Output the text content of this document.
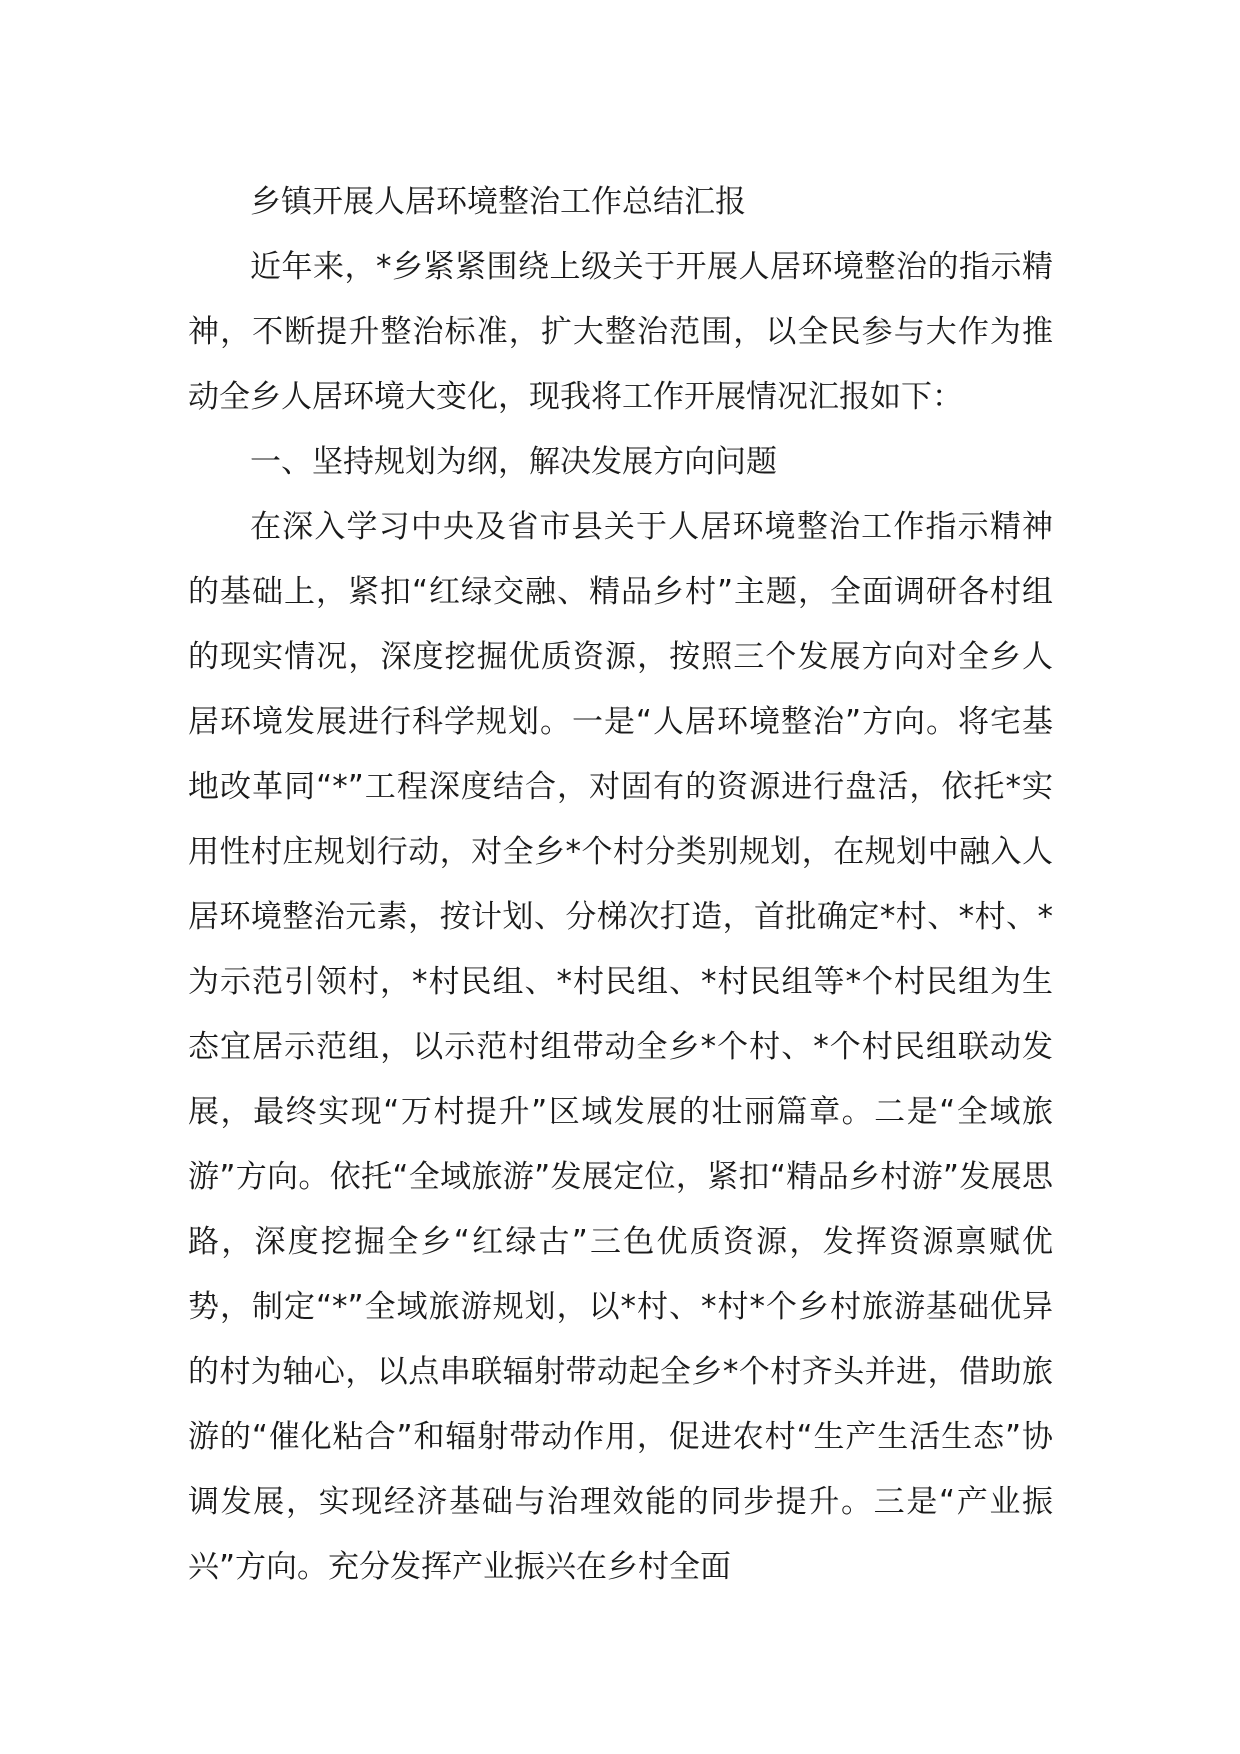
乡镇开展人居环境整治工作总结汇报

近年来，*乡紧紧围绕上级关于开展人居环境整治的指示精神，不断提升整治标准，扩大整治范围，以全民参与大作为推动全乡人居环境大变化，现我将工作开展情况汇报如下：

一、坚持规划为纲，解决发展方向问题

在深入学习中央及省市县关于人居环境整治工作指示精神的基础上，紧扣“红绿交融、精品乡村”主题，全面调研各村组的现实情况，深度挖掘优质资源，按照三个发展方向对全乡人居环境发展进行科学规划。一是“人居环境整治”方向。将宅基地改革同“*”工程深度结合，对固有的资源进行盘活，依托*实用性村庄规划行动，对全乡*个村分类别规划，在规划中融入人居环境整治元素，按计划、分梯次打造，首批确定*村、*村、*为示范引领村，*村民组、*村民组、*村民组等*个村民组为生态宜居示范组，以示范村组带动全乡*个村、*个村民组联动发展，最终实现“万村提升”区域发展的壮丽篇章。二是“全域旅游”方向。依托“全域旅游”发展定位，紧扣“精品乡村游”发展思路，深度挖掘全乡“红绿古”三色优质资源，发挥资源禀赋优势，制定“*”全域旅游规划，以*村、*村*个乡村旅游基础优异的村为轴心，以点串联辐射带动起全乡*个村齐头并进，借助旅游的“催化粘合”和辐射带动作用，促进农村“生产生活生态”协调发展，实现经济基础与治理效能的同步提升。三是“产业振兴”方向。充分发挥产业振兴在乡村全面
